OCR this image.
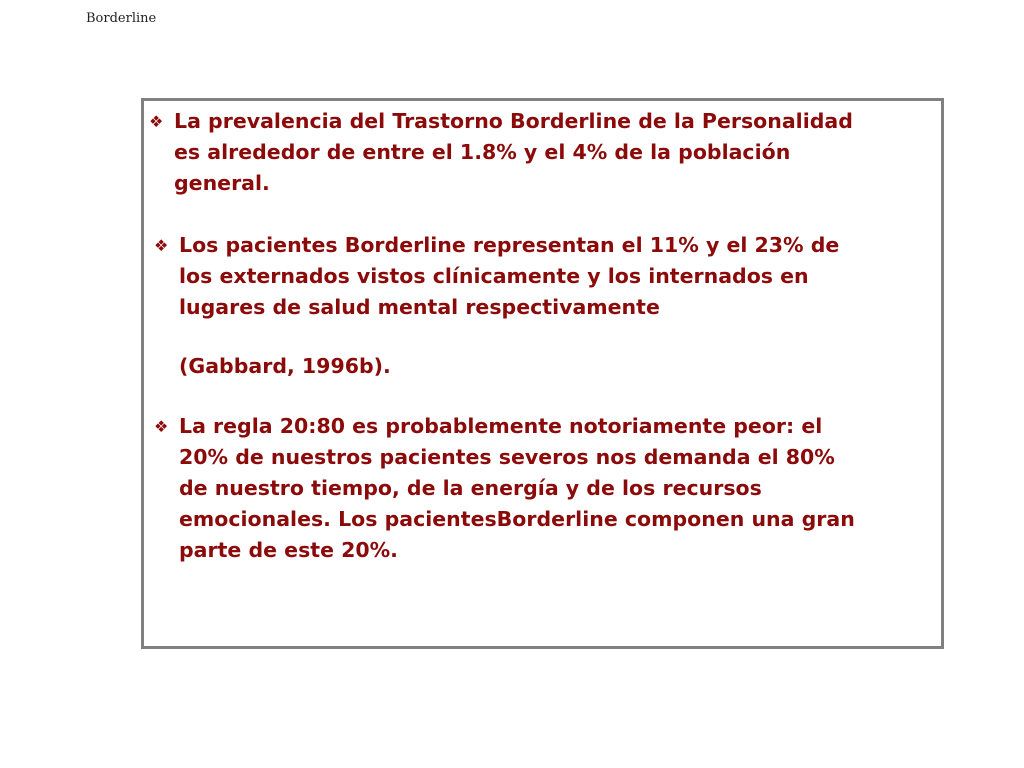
Borderline
❖ La prevalencia del Trastorno Borderline de la Personalidad
es alrededor de entre el 1.8% y el 4% de la población
general.
❖ Los pacientes Borderline representan el 11% y el 23% de
los externados vistos clínicamente y los internados en
lugares de salud mental respectivamente
(Gabbard, 1996b).
❖ La regla 20:80 es probablemente notoriamente peor: el
20% de nuestros pacientes severos nos demanda el 80%
de nuestro tiempo, de la energía y de los recursos
emocionales. Los pacientesBorderline componen una gran
parte de este 20%.
